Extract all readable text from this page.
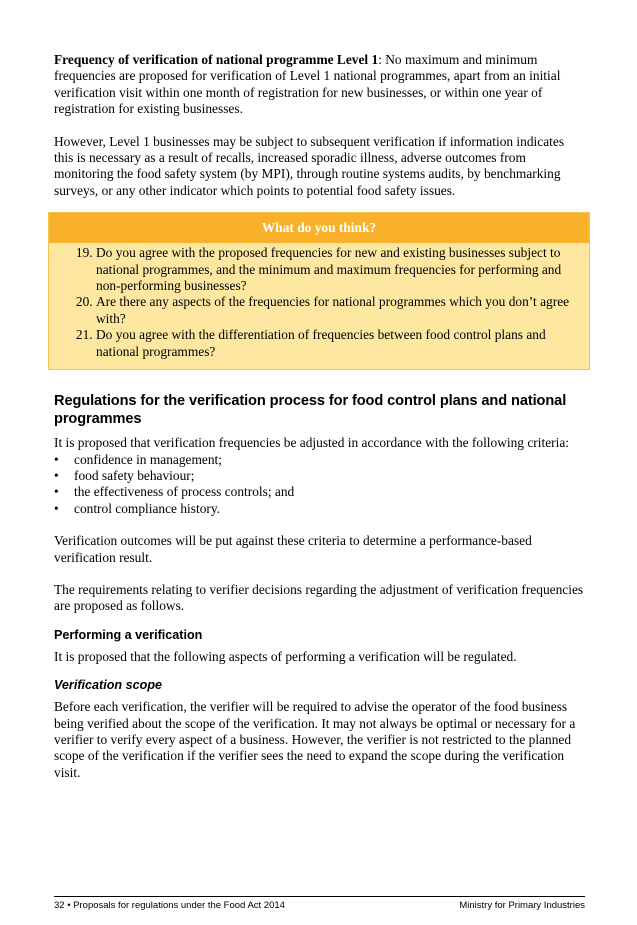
Frequency of verification of national programme Level 1: No maximum and minimum frequencies are proposed for verification of Level 1 national programmes, apart from an initial verification visit within one month of registration for new businesses, or within one year of registration for existing businesses.

However, Level 1 businesses may be subject to subsequent verification if information indicates this is necessary as a result of recalls, increased sporadic illness, adverse outcomes from monitoring the food safety system (by MPI), through routine systems audits, by benchmarking surveys, or any other indicator which points to potential food safety issues.

What do you think?
19. Do you agree with the proposed frequencies for new and existing businesses subject to national programmes, and the minimum and maximum frequencies for performing and non-performing businesses?
20. Are there any aspects of the frequencies for national programmes which you don’t agree with?
21. Do you agree with the differentiation of frequencies between food control plans and national programmes?
Regulations for the verification process for food control plans and national programmes

It is proposed that verification frequencies be adjusted in accordance with the following criteria:

• confidence in management;
• food safety behaviour;
• the effectiveness of process controls; and
• control compliance history.

Verification outcomes will be put against these criteria to determine a performance-based verification result.

The requirements relating to verifier decisions regarding the adjustment of verification frequencies are proposed as follows.

Performing a verification

It is proposed that the following aspects of performing a verification will be regulated.

Verification scope

Before each verification, the verifier will be required to advise the operator of the food business being verified about the scope of the verification. It may not always be optimal or necessary for a verifier to verify every aspect of a business. However, the verifier is not restricted to the planned scope of the verification if the verifier sees the need to expand the scope during the verification visit.

32 • Proposals for regulations under the Food Act 2014	Ministry for Primary Industries
